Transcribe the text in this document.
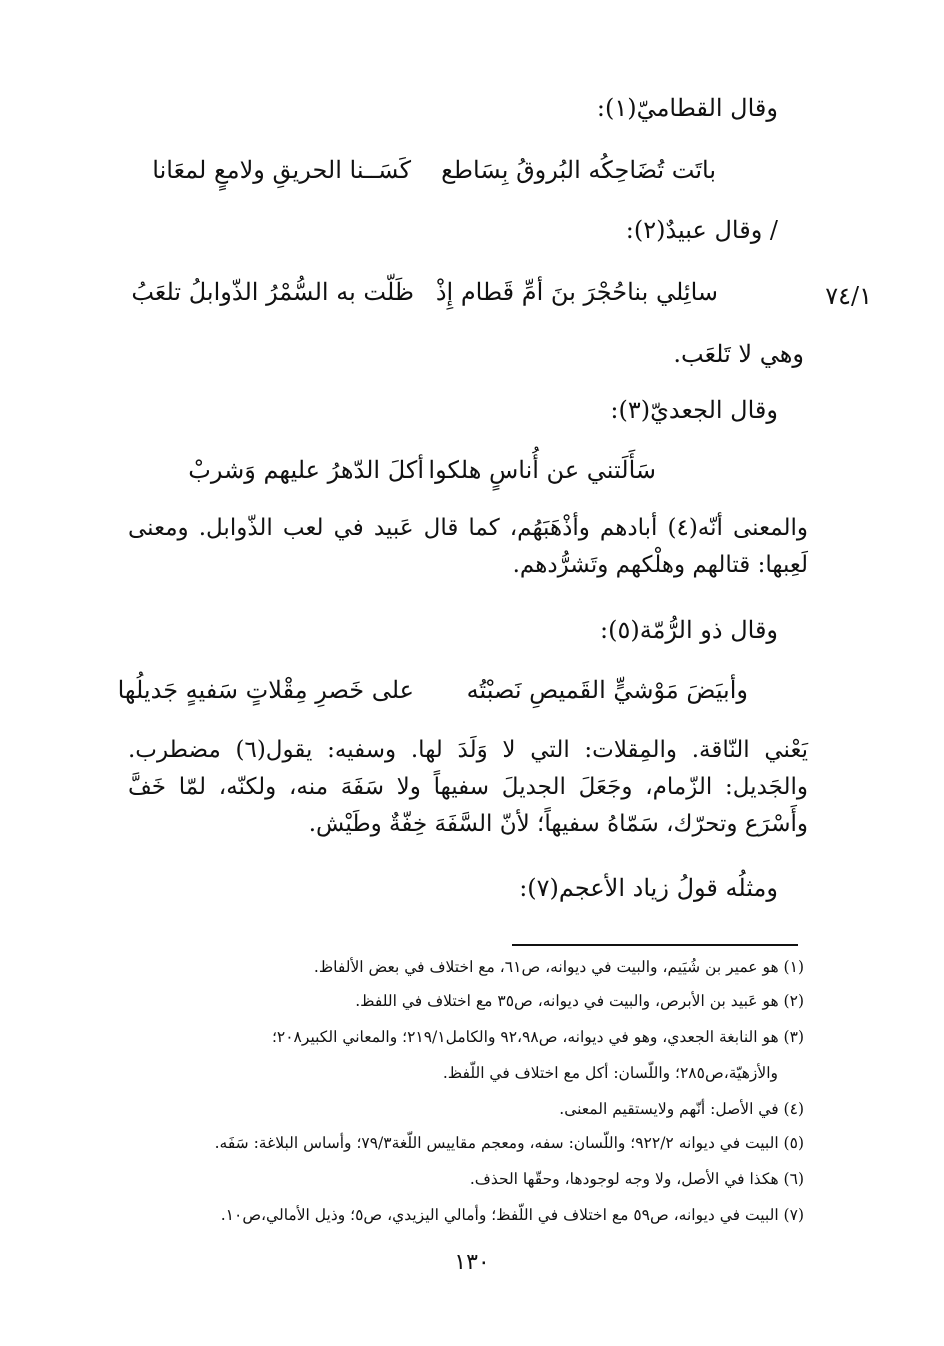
وقال القطاميّ(١):
باتَت تُضَاحِكُه البُروقُ بِسَاطع
كَسَــنا الحريقِ ولامعٍ لمعَانا
/ وقال عبيدٌ(٢):
٧٤/١
سائِلي بناحُجْرَ بنَ أمِّ قَطام إِذْ
ظَلّت به السُّمْرُ الذّوابلُ تلعَبُ
وهي لا تَلعَب.
وقال الجعديّ(٣):
سَأَلَتني عن أُناسٍ هلكوا
أكلَ الدّهرُ عليهم وَشربْ
والمعنى أنّه(٤) أبادهم وأذْهَبَهُم، كما قال عَبيد في لعب الذّوابل. ومعنى لَعِبها: قتالهم وهلْكهم وتَشرُّدهم.
وقال ذو الرُّمّة(٥):
وأبيَضَ مَوْشيٍّ القَميصِ نَصبْتُه
على خَصرِ مِقْلاتٍ سَفيهٍ جَديلُها
يَعْني النّاقة. والمِقلات: التي لا وَلَدَ لها. وسفيه: يقول(٦) مضطرب. والجَديل: الزّمام، وجَعَلَ الجديلَ سفيهاً ولا سَفَهَ منه، ولكنّه، لمّا خَفَّ وأَسْرَع وتحرّك، سَمّاهُ سفيهاً؛ لأنّ السَّفَهَ خِفّةٌ وطَيْش.
ومثلُه قولُ زياد الأعجم(٧):
(١) هو عمير بن شُيَيم، والبيت في ديوانه، ص٦١، مع اختلاف في بعض الألفاظ.
(٢) هو عَبيد بن الأبرص، والبيت في ديوانه، ص٣٥ مع اختلاف في اللفظ.
(٣) هو النابغة الجعدي، وهو في ديوانه، ص٩٢،٩٨ والكامل٢١٩/١؛ والمعاني الكبير٢٠٨؛
والأزهيّة،ص٢٨٥؛ واللّسان: أكل مع اختلاف في اللّفظ.
(٤) في الأصل: أنّهم ولايستقيم المعنى.
(٥) البيت في ديوانه ٩٢٢/٢؛ واللّسان: سفه، ومعجم مقاييس اللّغة٧٩/٣؛ وأساس البلاغة: سَفَه.
(٦) هكذا في الأصل، ولا وجه لوجودها، وحقّها الحذف.
(٧) البيت في ديوانه، ص٥٩ مع اختلاف في اللّفظ؛ وأمالي اليزيدي، ص٥؛ وذيل الأمالي،ص١٠.
١٣٠
